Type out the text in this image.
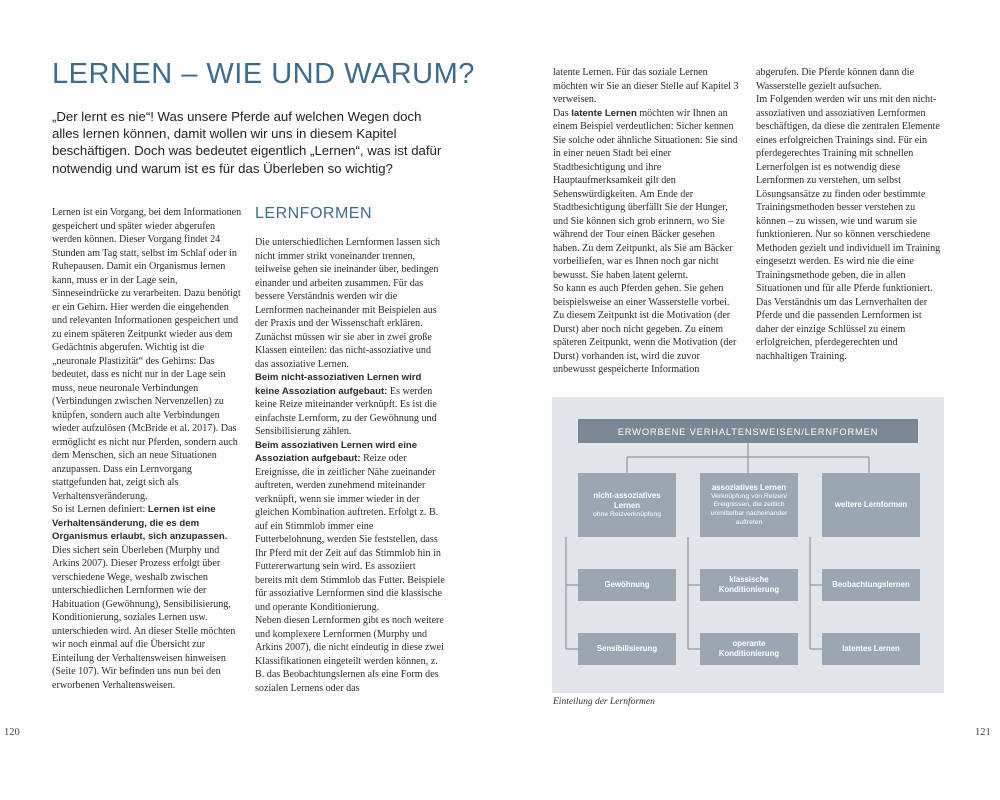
LERNEN – WIE UND WARUM?

„Der lernt es nie“! Was unsere Pferde auf welchen Wegen doch alles lernen können, damit wollen wir uns in diesem Kapitel beschäftigen. Doch was bedeutet eigentlich „Lernen“, was ist dafür notwendig und warum ist es für das Überleben so wichtig?

Lernen ist ein Vorgang, bei dem Informationen gespeichert und später wieder abgerufen werden können. Dieser Vorgang findet 24 Stunden am Tag statt, selbst im Schlaf oder in Ruhepausen. Damit ein Organismus lernen kann, muss er in der Lage sein, Sinneseindrücke zu verarbeiten. Dazu benötigt er ein Gehirn. Hier werden die eingehenden und relevanten Informationen gespeichert und zu einem späteren Zeitpunkt wieder aus dem Gedächtnis abgerufen. Wichtig ist die „neuronale Plastizität“ des Gehirns: Das bedeutet, dass es nicht nur in der Lage sein muss, neue neuronale Verbindungen (Verbindungen zwischen Nervenzellen) zu knüpfen, sondern auch alte Verbindungen wieder aufzulösen (McBride et al. 2017). Das ermöglicht es nicht nur Pferden, sondern auch dem Menschen, sich an neue Situationen anzupassen. Dass ein Lernvorgang stattgefunden hat, zeigt sich als Verhaltensveränderung.

So ist Lernen definiert: Lernen ist eine Verhaltensänderung, die es dem Organismus erlaubt, sich anzupassen. Dies sichert sein Überleben (Murphy und Arkins 2007). Dieser Prozess erfolgt über verschiedene Wege, weshalb zwischen unterschiedlichen Lernformen wie der Habituation (Gewöhnung), Sensibilisierung, Konditionierung, soziales Lernen usw. unterschieden wird. An dieser Stelle möchten wir noch einmal auf die Übersicht zur Einteilung der Verhaltensweisen hinweisen (Seite 107). Wir befinden uns nun bei den erworbenen Verhaltensweisen.

LERNFORMEN

Die unterschiedlichen Lernformen lassen sich nicht immer strikt voneinander trennen, teilweise gehen sie ineinander über, bedingen einander und arbeiten zusammen. Für das bessere Verständnis werden wir die Lernformen nacheinander mit Beispielen aus der Praxis und der Wissenschaft erklären. Zunächst müssen wir sie aber in zwei große Klassen einteilen: das nicht-assoziative und das assoziative Lernen.

Beim nicht-assoziativen Lernen wird keine Assoziation aufgebaut: Es werden keine Reize miteinander verknüpft. Es ist die einfachste Lernform, zu der Gewöhnung und Sensibilisierung zählen.

Beim assoziativen Lernen wird eine Assoziation aufgebaut: Reize oder Ereignisse, die in zeitlicher Nähe zueinander auftreten, werden zunehmend miteinander verknüpft, wenn sie immer wieder in der gleichen Kombination auftreten. Erfolgt z. B. auf ein Stimmlob immer eine Futterbelohnung, werden Sie feststellen, dass Ihr Pferd mit der Zeit auf das Stimmlob hin in Futtererwartung sein wird. Es assoziiert bereits mit dem Stimmlob das Futter. Beispiele für assoziative Lernformen sind die klassische und operante Konditionierung.

Neben diesen Lernformen gibt es noch weitere und komplexere Lernformen (Murphy und Arkins 2007), die nicht eindeutig in diese zwei Klassifikationen eingeteilt werden können, z. B. das Beobachtungslernen als eine Form des sozialen Lernens oder das

latente Lernen. Für das soziale Lernen möchten wir Sie an dieser Stelle auf Kapitel 3 verweisen.

Das latente Lernen möchten wir Ihnen an einem Beispiel verdeutlichen: Sicher kennen Sie solche oder ähnliche Situationen: Sie sind in einer neuen Stadt bei einer Stadtbesichtigung und ihre Hauptaufmerksamkeit gilt den Sehenswürdigkeiten. Am Ende der Stadtbesichtigung überfällt Sie der Hunger, und Sie können sich grob erinnern, wo Sie während der Tour einen Bäcker gesehen haben. Zu dem Zeitpunkt, als Sie am Bäcker vorbeiliefen, war es Ihnen noch gar nicht bewusst. Sie haben latent gelernt.

So kann es auch Pferden gehen. Sie gehen beispielsweise an einer Wasserstelle vorbei. Zu diesem Zeitpunkt ist die Motivation (der Durst) aber noch nicht gegeben. Zu einem späteren Zeitpunkt, wenn die Motivation (der Durst) vorhanden ist, wird die zuvor unbewusst gespeicherte Information

abgerufen. Die Pferde können dann die Wasserstelle gezielt aufsuchen.

Im Folgenden werden wir uns mit den nicht-assoziativen und assoziativen Lernformen beschäftigen, da diese die zentralen Elemente eines erfolgreichen Trainings sind. Für ein pferdegerechtes Training mit schnellen Lernerfolgen ist es notwendig diese Lernformen zu verstehen, um selbst Lösungsansätze zu finden oder bestimmte Trainingsmethoden besser verstehen zu können – zu wissen, wie und warum sie funktionieren. Nur so können verschiedene Methoden gezielt und individuell im Training eingesetzt werden. Es wird nie die eine Trainingsmethode geben, die in allen Situationen und für alle Pferde funktioniert. Das Verständnis um das Lernverhalten der Pferde und die passenden Lernformen ist daher der einzige Schlüssel zu einem erfolgreichen, pferdegerechten und nachhaltigen Training.

ERWORBENE VERHALTENSWEISEN/LERNFORMEN
nicht-assoziatives Lernen
ohne Reizverknüpfung
assoziatives Lernen
Verknüpfung von Reizen/ Ereignissen, die zeitlich unmittelbar nacheinander auftreten
weitere Lernformen
Gewöhnung
klassische Konditionierung
Beobachtungslernen
Sensibilisierung
operante Konditionierung
latentes Lernen
Einteilung der Lernformen
120	121
